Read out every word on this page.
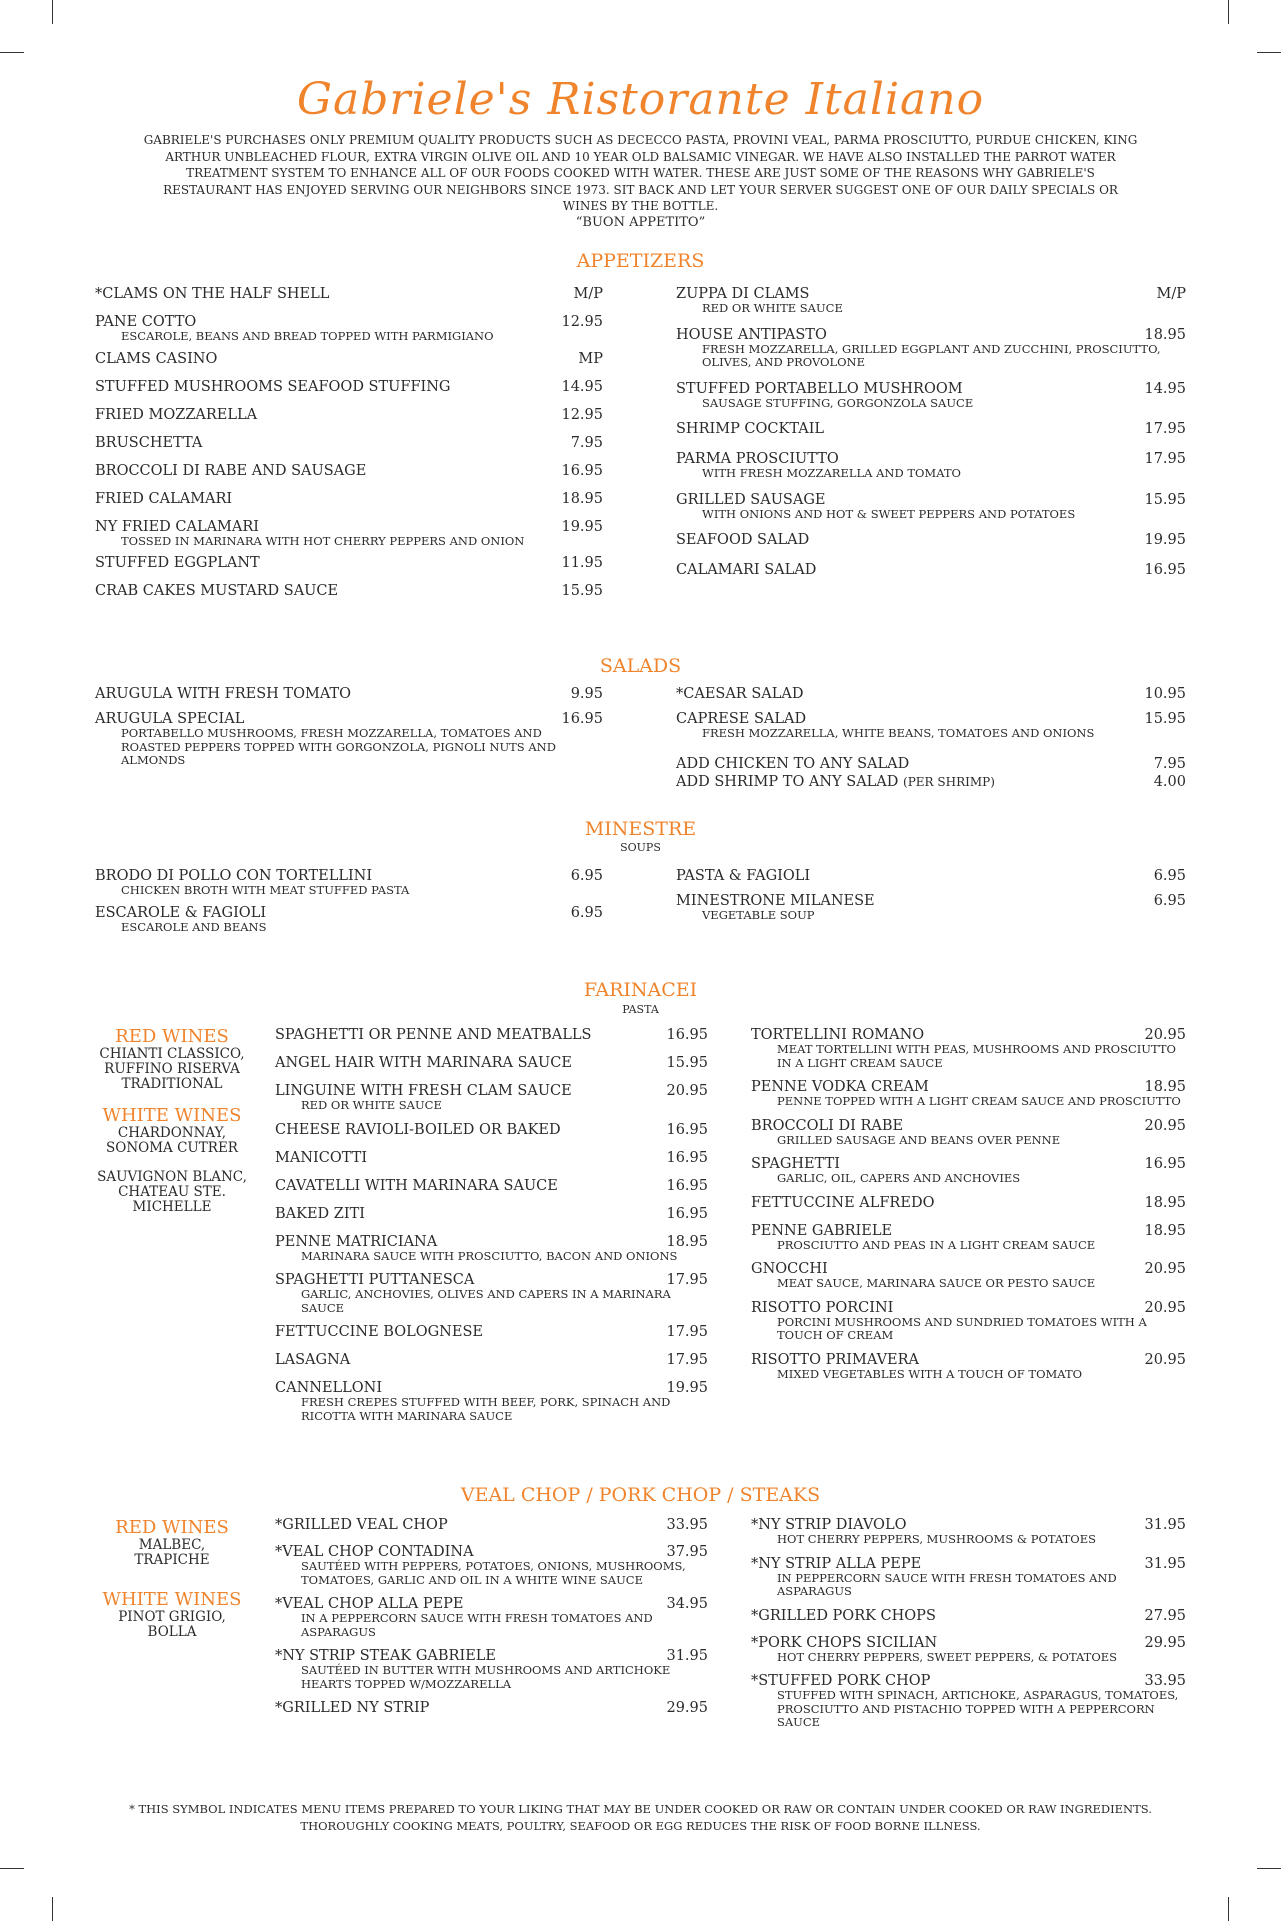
Gabriele's Ristorante Italiano
GABRIELE'S PURCHASES ONLY PREMIUM QUALITY PRODUCTS SUCH AS DECECCO PASTA, PROVINI VEAL, PARMA PROSCIUTTO, PURDUE CHICKEN, KING ARTHUR UNBLEACHED FLOUR, EXTRA VIRGIN OLIVE OIL AND 10 YEAR OLD BALSAMIC VINEGAR. WE HAVE ALSO INSTALLED THE PARROT WATER TREATMENT SYSTEM TO ENHANCE ALL OF OUR FOODS COOKED WITH WATER. THESE ARE JUST SOME OF THE REASONS WHY GABRIELE'S RESTAURANT HAS ENJOYED SERVING OUR NEIGHBORS SINCE 1973. SIT BACK AND LET YOUR SERVER SUGGEST ONE OF OUR DAILY SPECIALS OR WINES BY THE BOTTLE.
“BUON APPETITO”
APPETIZERS
*CLAMS ON THE HALF SHELL	M/P
PANE COTTO	12.95
ESCAROLE, BEANS AND BREAD TOPPED WITH PARMIGIANO
CLAMS CASINO	MP
STUFFED MUSHROOMS SEAFOOD STUFFING	14.95
FRIED MOZZARELLA	12.95
BRUSCHETTA	7.95
BROCCOLI DI RABE AND SAUSAGE	16.95
FRIED CALAMARI	18.95
NY FRIED CALAMARI	19.95
TOSSED IN MARINARA WITH HOT CHERRY PEPPERS AND ONION
STUFFED EGGPLANT	11.95
CRAB CAKES MUSTARD SAUCE	15.95
ZUPPA DI CLAMS	M/P
RED OR WHITE SAUCE
HOUSE ANTIPASTO	18.95
FRESH MOZZARELLA, GRILLED EGGPLANT AND ZUCCHINI, PROSCIUTTO, OLIVES, AND PROVOLONE
STUFFED PORTABELLO MUSHROOM	14.95
SAUSAGE STUFFING, GORGONZOLA SAUCE
SHRIMP COCKTAIL	17.95
PARMA PROSCIUTTO	17.95
WITH FRESH MOZZARELLA AND TOMATO
GRILLED SAUSAGE	15.95
WITH ONIONS AND HOT & SWEET PEPPERS AND POTATOES
SEAFOOD SALAD	19.95
CALAMARI SALAD	16.95
SALADS
ARUGULA WITH FRESH TOMATO	9.95
ARUGULA SPECIAL	16.95
PORTABELLO MUSHROOMS, FRESH MOZZARELLA, TOMATOES AND ROASTED PEPPERS TOPPED WITH GORGONZOLA, PIGNOLI NUTS AND ALMONDS
*CAESAR SALAD	10.95
CAPRESE SALAD	15.95
FRESH MOZZARELLA, WHITE BEANS, TOMATOES AND ONIONS
ADD CHICKEN TO ANY SALAD	7.95
ADD SHRIMP TO ANY SALAD (PER SHRIMP)	4.00
MINESTRE
SOUPS
BRODO DI POLLO CON TORTELLINI	6.95
CHICKEN BROTH WITH MEAT STUFFED PASTA
ESCAROLE & FAGIOLI	6.95
ESCAROLE AND BEANS
PASTA & FAGIOLI	6.95
MINESTRONE MILANESE	6.95
VEGETABLE SOUP
FARINACEI
PASTA
RED WINES
CHIANTI CLASSICO,
RUFFINO RISERVA
TRADITIONAL
WHITE WINES
CHARDONNAY,
SONOMA CUTRER
SAUVIGNON BLANC,
CHATEAU STE.
MICHELLE
SPAGHETTI OR PENNE AND MEATBALLS	16.95
ANGEL HAIR WITH MARINARA SAUCE	15.95
LINGUINE WITH FRESH CLAM SAUCE	20.95
RED OR WHITE SAUCE
CHEESE RAVIOLI-BOILED OR BAKED	16.95
MANICOTTI	16.95
CAVATELLI WITH MARINARA SAUCE	16.95
BAKED ZITI	16.95
PENNE MATRICIANA	18.95
MARINARA SAUCE WITH PROSCIUTTO, BACON AND ONIONS
SPAGHETTI PUTTANESCA	17.95
GARLIC, ANCHOVIES, OLIVES AND CAPERS IN A MARINARA SAUCE
FETTUCCINE BOLOGNESE	17.95
LASAGNA	17.95
CANNELLONI	19.95
FRESH CREPES STUFFED WITH BEEF, PORK, SPINACH AND RICOTTA WITH MARINARA SAUCE
TORTELLINI ROMANO	20.95
MEAT TORTELLINI WITH PEAS, MUSHROOMS AND PROSCIUTTO IN A LIGHT CREAM SAUCE
PENNE VODKA CREAM	18.95
PENNE TOPPED WITH A LIGHT CREAM SAUCE AND PROSCIUTTO
BROCCOLI DI RABE	20.95
GRILLED SAUSAGE AND BEANS OVER PENNE
SPAGHETTI	16.95
GARLIC, OIL, CAPERS AND ANCHOVIES
FETTUCCINE ALFREDO	18.95
PENNE GABRIELE	18.95
PROSCIUTTO AND PEAS IN A LIGHT CREAM SAUCE
GNOCCHI	20.95
MEAT SAUCE, MARINARA SAUCE OR PESTO SAUCE
RISOTTO PORCINI	20.95
PORCINI MUSHROOMS AND SUNDRIED TOMATOES WITH A TOUCH OF CREAM
RISOTTO PRIMAVERA	20.95
MIXED VEGETABLES WITH A TOUCH OF TOMATO
VEAL CHOP / PORK CHOP / STEAKS
RED WINES
MALBEC,
TRAPICHE
WHITE WINES
PINOT GRIGIO,
BOLLA
*GRILLED VEAL CHOP	33.95
*VEAL CHOP CONTADINA	37.95
SAUTÉED WITH PEPPERS, POTATOES, ONIONS, MUSHROOMS, TOMATOES, GARLIC AND OIL IN A WHITE WINE SAUCE
*VEAL CHOP ALLA PEPE	34.95
IN A PEPPERCORN SAUCE WITH FRESH TOMATOES AND ASPARAGUS
*NY STRIP STEAK GABRIELE	31.95
SAUTÉED IN BUTTER WITH MUSHROOMS AND ARTICHOKE HEARTS TOPPED W/MOZZARELLA
*GRILLED NY STRIP	29.95
*NY STRIP DIAVOLO	31.95
HOT CHERRY PEPPERS, MUSHROOMS & POTATOES
*NY STRIP ALLA PEPE	31.95
IN PEPPERCORN SAUCE WITH FRESH TOMATOES AND ASPARAGUS
*GRILLED PORK CHOPS	27.95
*PORK CHOPS SICILIAN	29.95
HOT CHERRY PEPPERS, SWEET PEPPERS, & POTATOES
*STUFFED PORK CHOP	33.95
STUFFED WITH SPINACH, ARTICHOKE, ASPARAGUS, TOMATOES, PROSCIUTTO AND PISTACHIO TOPPED WITH A PEPPERCORN SAUCE
* THIS SYMBOL INDICATES MENU ITEMS PREPARED TO YOUR LIKING THAT MAY BE UNDER COOKED OR RAW OR CONTAIN UNDER COOKED OR RAW INGREDIENTS.
THOROUGHLY COOKING MEATS, POULTRY, SEAFOOD OR EGG REDUCES THE RISK OF FOOD BORNE ILLNESS.
